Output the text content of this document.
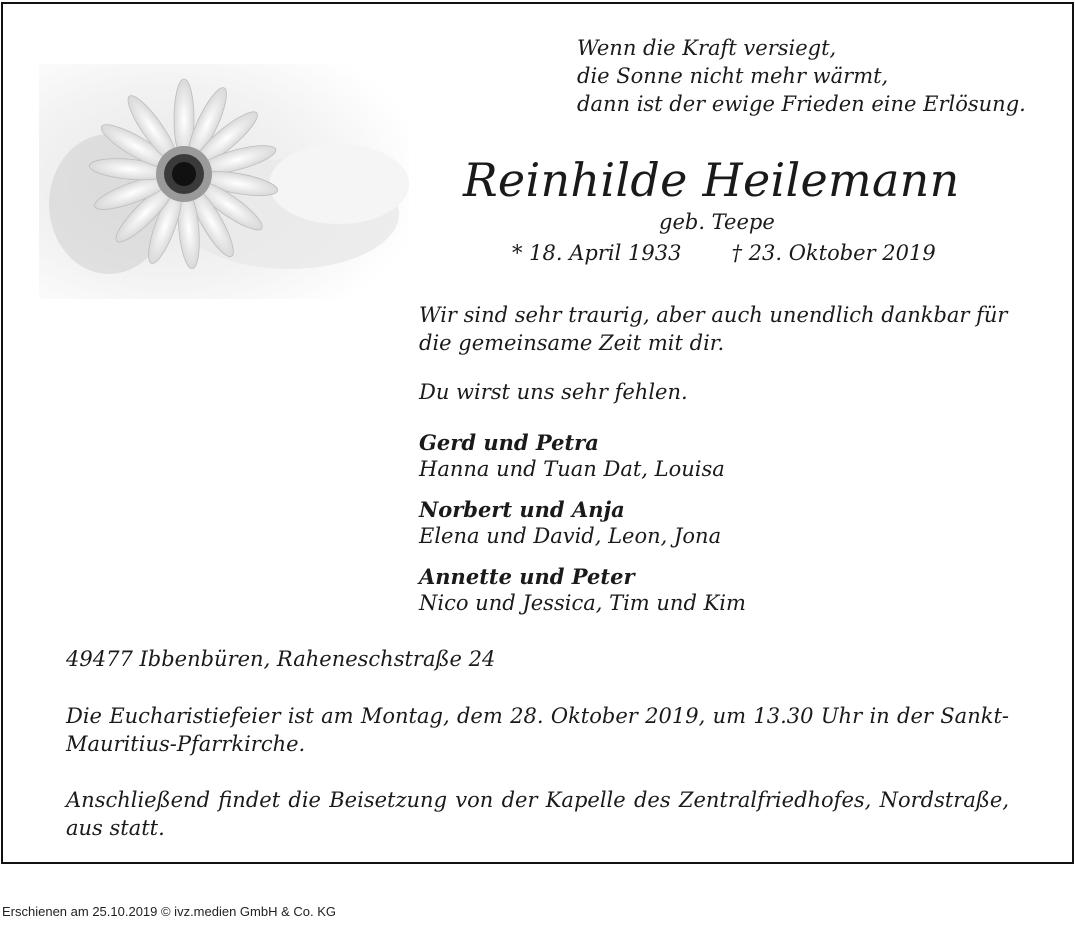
Wenn die Kraft versiegt,
die Sonne nicht mehr wärmt,
dann ist der ewige Frieden eine Erlösung.
Reinhilde Heilemann
geb. Teepe
* 18. April 1933 † 23. Oktober 2019
Wir sind sehr traurig, aber auch unendlich dankbar für
die gemeinsame Zeit mit dir.
Du wirst uns sehr fehlen.
Gerd und Petra
Hanna und Tuan Dat, Louisa
Norbert und Anja
Elena und David, Leon, Jona
Annette und Peter
Nico und Jessica, Tim und Kim
49477 Ibbenbüren, Raheneschstraße 24
Die Eucharistiefeier ist am Montag, dem 28. Oktober 2019, um 13.30 Uhr in der Sankt-Mauritius-Pfarrkirche.
Anschließend findet die Beisetzung von der Kapelle des Zentralfriedhofes, Nordstraße, aus statt.
Erschienen am 25.10.2019 © ivz.medien GmbH & Co. KG
